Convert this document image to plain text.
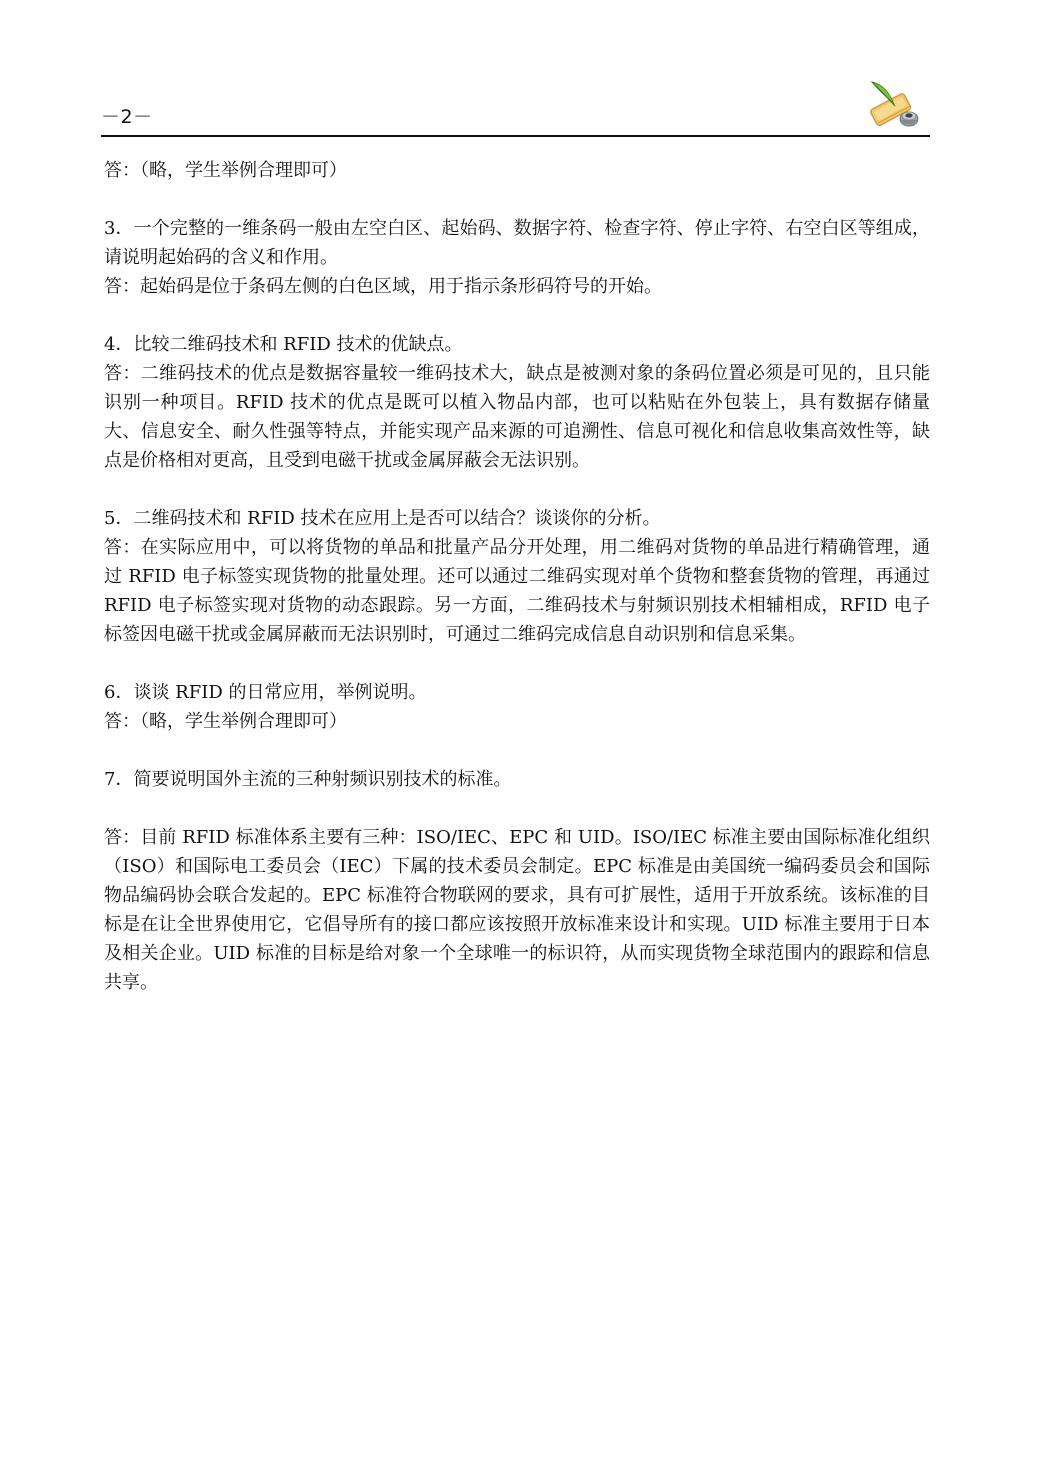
－2－

答：（略，学生举例合理即可）

3．一个完整的一维条码一般由左空白区、起始码、数据字符、检查字符、停止字符、右空白区等组成，请说明起始码的含义和作用。

答：起始码是位于条码左侧的白色区域，用于指示条形码符号的开始。

4．比较二维码技术和 RFID 技术的优缺点。

答：二维码技术的优点是数据容量较一维码技术大，缺点是被测对象的条码位置必须是可见的，且只能识别一种项目。RFID 技术的优点是既可以植入物品内部，也可以粘贴在外包装上，具有数据存储量大、信息安全、耐久性强等特点，并能实现产品来源的可追溯性、信息可视化和信息收集高效性等，缺点是价格相对更高，且受到电磁干扰或金属屏蔽会无法识别。

5．二维码技术和 RFID 技术在应用上是否可以结合？谈谈你的分析。

答：在实际应用中，可以将货物的单品和批量产品分开处理，用二维码对货物的单品进行精确管理，通过 RFID 电子标签实现货物的批量处理。还可以通过二维码实现对单个货物和整套货物的管理，再通过 RFID 电子标签实现对货物的动态跟踪。另一方面，二维码技术与射频识别技术相辅相成，RFID 电子标签因电磁干扰或金属屏蔽而无法识别时，可通过二维码完成信息自动识别和信息采集。

6．谈谈 RFID 的日常应用，举例说明。

答：（略，学生举例合理即可）

7．简要说明国外主流的三种射频识别技术的标准。

答：目前 RFID 标准体系主要有三种：ISO/IEC、EPC 和 UID。ISO/IEC 标准主要由国际标准化组织（ISO）和国际电工委员会（IEC）下属的技术委员会制定。EPC 标准是由美国统一编码委员会和国际物品编码协会联合发起的。EPC 标准符合物联网的要求，具有可扩展性，适用于开放系统。该标准的目标是在让全世界使用它，它倡导所有的接口都应该按照开放标准来设计和实现。UID 标准主要用于日本及相关企业。UID 标准的目标是给对象一个全球唯一的标识符，从而实现货物全球范围内的跟踪和信息共享。
